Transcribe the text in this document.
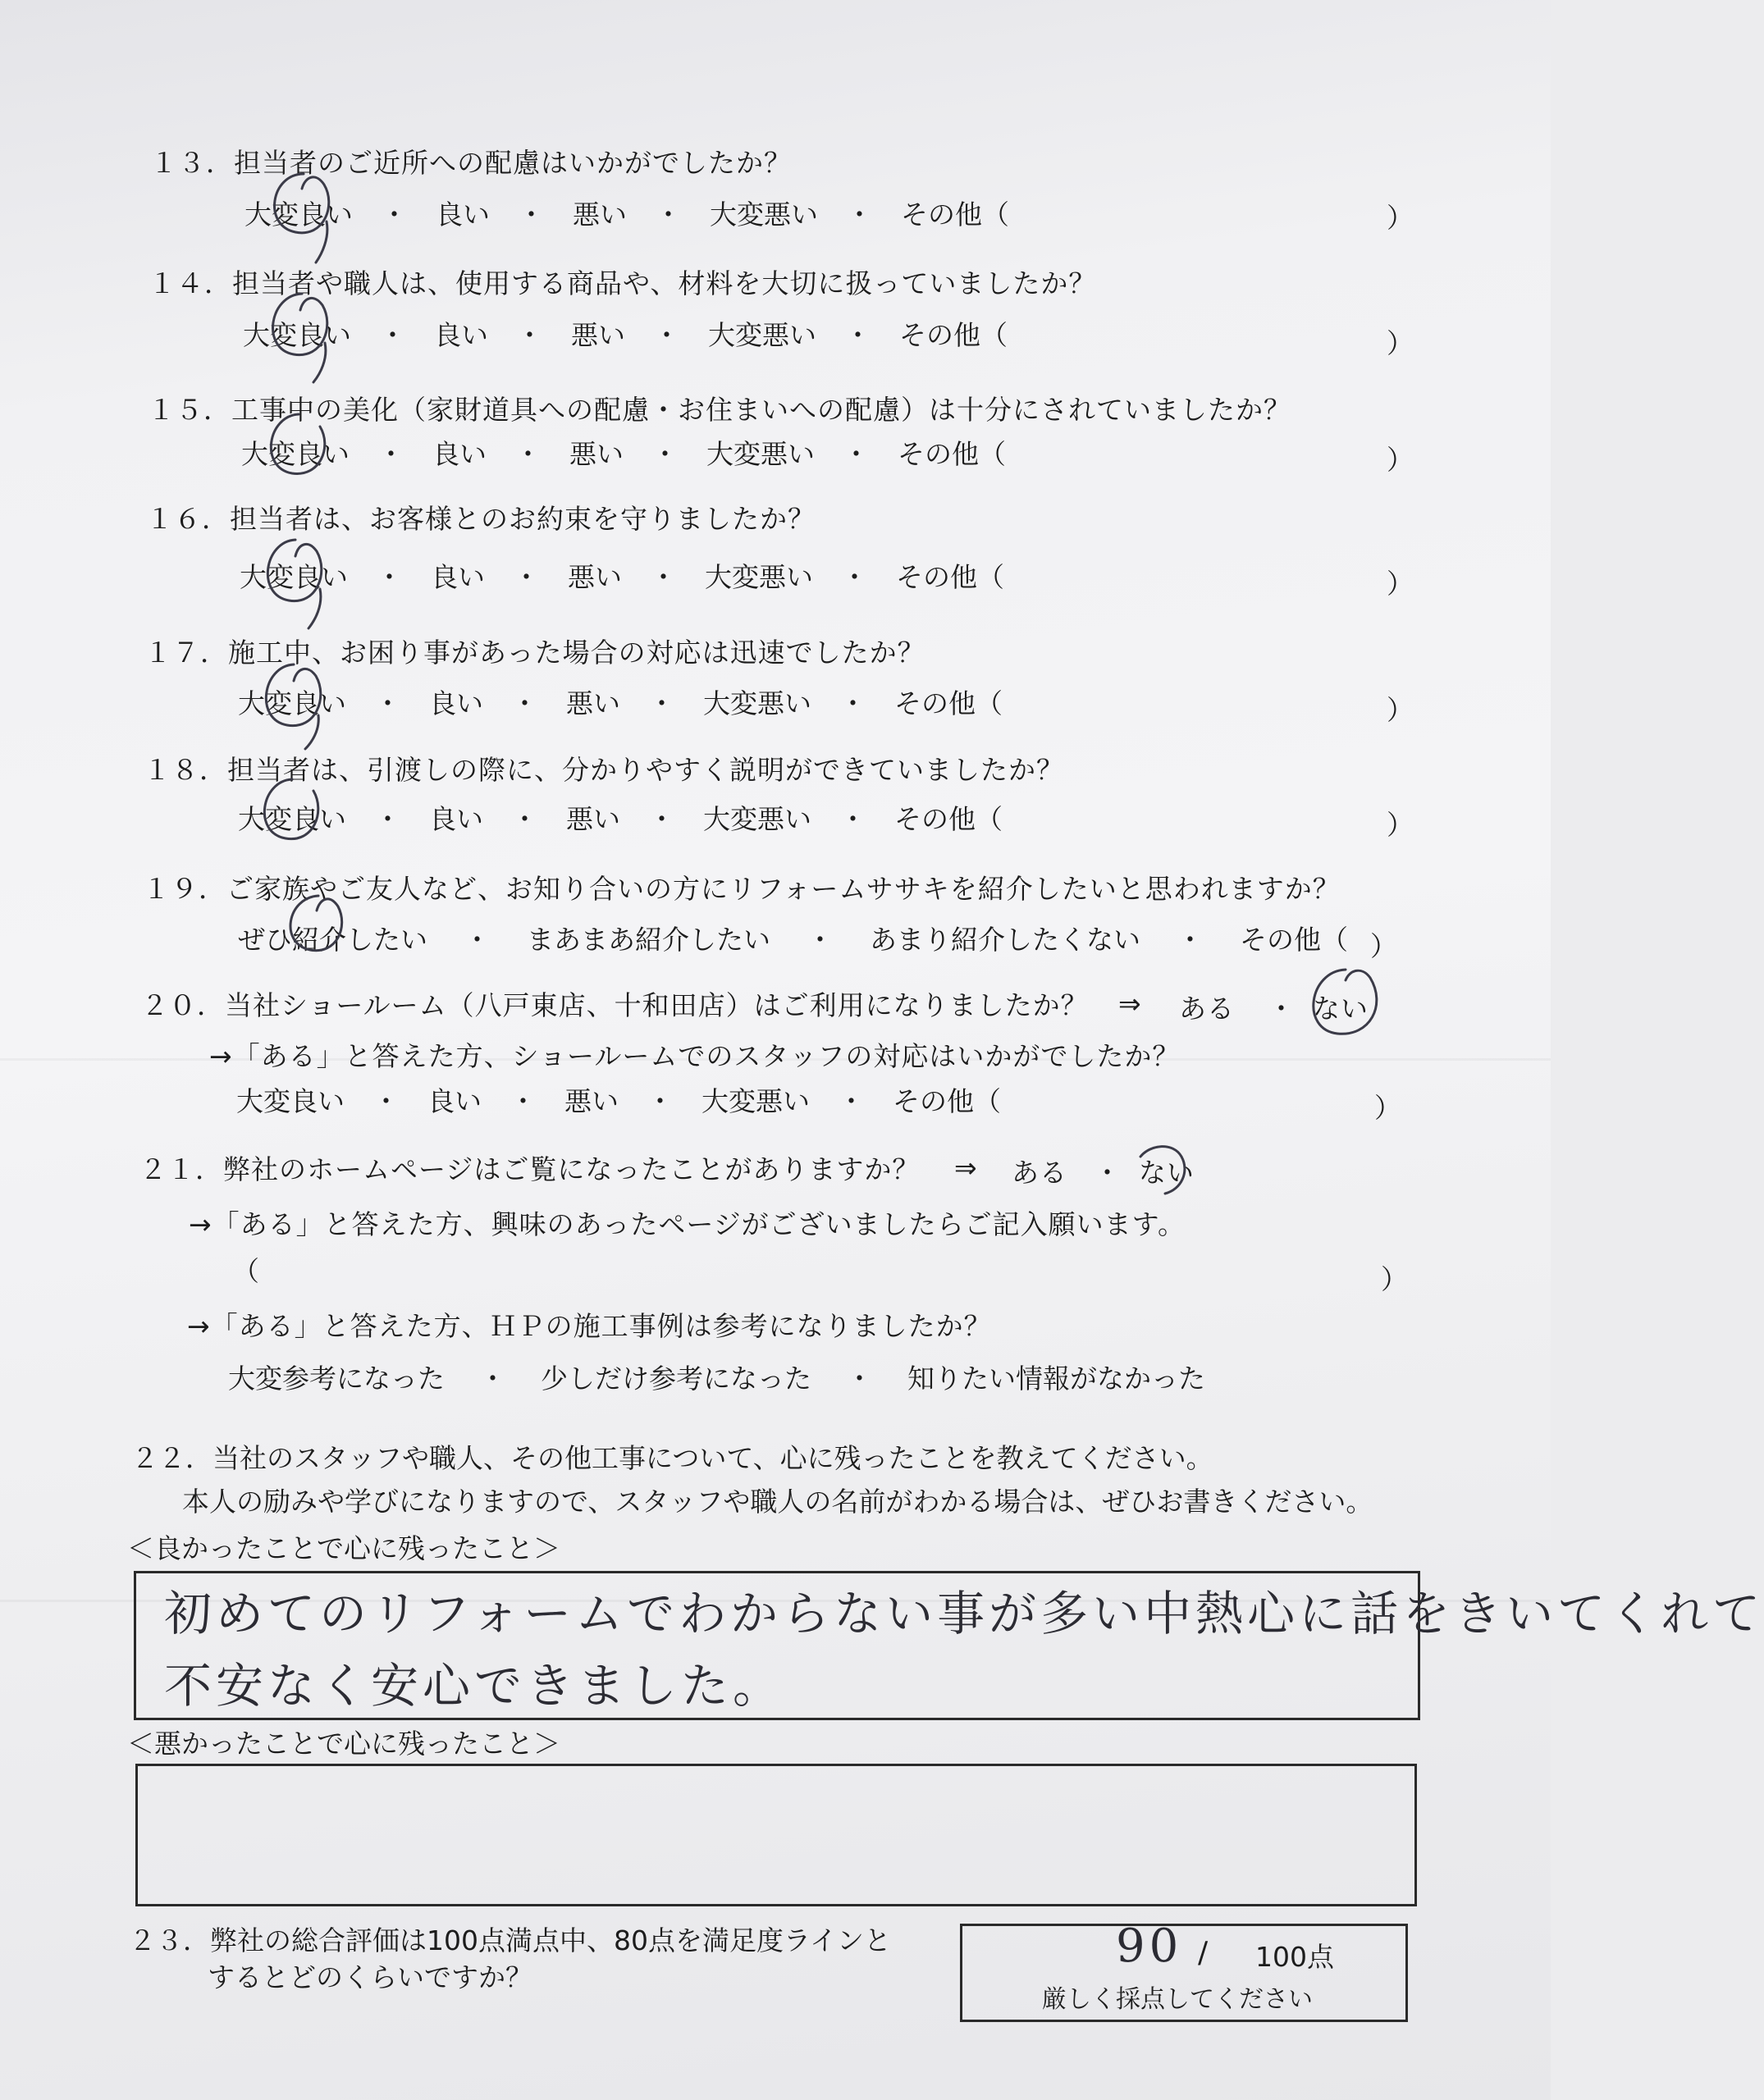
１３．担当者のご近所への配慮はいかがでしたか？
大変良い ・ 良い ・ 悪い ・ 大変悪い ・ その他（	）
１４．担当者や職人は、使用する商品や、材料を大切に扱っていましたか？
大変良い ・ 良い ・ 悪い ・ 大変悪い ・ その他（	）
１５．工事中の美化（家財道具への配慮・お住まいへの配慮）は十分にされていましたか？
大変良い ・ 良い ・ 悪い ・ 大変悪い ・ その他（	）
１６．担当者は、お客様とのお約束を守りましたか？
大変良い ・ 良い ・ 悪い ・ 大変悪い ・ その他（	）
１７．施工中、お困り事があった場合の対応は迅速でしたか？
大変良い ・ 良い ・ 悪い ・ 大変悪い ・ その他（	）
１８．担当者は、引渡しの際に、分かりやすく説明ができていましたか？
大変良い ・ 良い ・ 悪い ・ 大変悪い ・ その他（	）
１９．ご家族やご友人など、お知り合いの方にリフォームササキを紹介したいと思われますか？
ぜひ紹介したい ・ まあまあ紹介したい ・ あまり紹介したくない ・ その他（ ）
２０．当社ショールーム（八戸東店、十和田店）はご利用になりましたか？ ⇒ ある ・ ない
→「ある」と答えた方、ショールームでのスタッフの対応はいかがでしたか？
大変良い ・ 良い ・ 悪い ・ 大変悪い ・ その他（	）
２１．弊社のホームページはご覧になったことがありますか？ ⇒ ある ・ ない
→「ある」と答えた方、興味のあったページがございましたらご記入願います。
（	）
→「ある」と答えた方、ＨＰの施工事例は参考になりましたか？
大変参考になった ・ 少しだけ参考になった ・ 知りたい情報がなかった
２２．当社のスタッフや職人、その他工事について、心に残ったことを教えてください。
本人の励みや学びになりますので、スタッフや職人の名前がわかる場合は、ぜひお書きください。
＜良かったことで心に残ったこと＞
初めてのリフォームでわからない事が多い中熱心に話をきいてくれて
不安なく安心できました。
＜悪かったことで心に残ったこと＞
２３．弊社の総合評価は100点満点中、80点を満足度ラインと
するとどのくらいですか？
90 / 100点
厳しく採点してください
